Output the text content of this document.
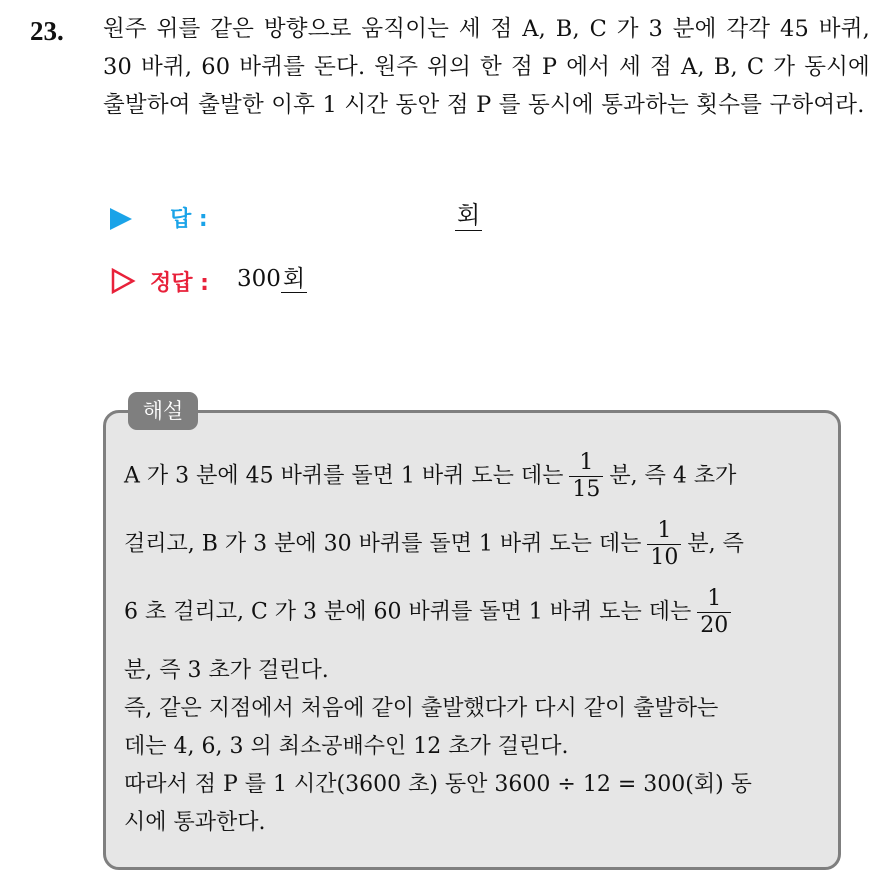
23. 원주 위를 같은 방향으로 움직이는 세 점 A, B, C 가 3 분에 각각 45 바퀴, 30 바퀴, 60 바퀴를 돈다. 원주 위의 한 점 P 에서 세 점 A, B, C 가 동시에 출발하여 출발한 이후 1 시간 동안 점 P 를 동시에 통과하는 횟수를 구하여라.
답 :	회
정답 : 300회
해설
A 가 3 분에 45 바퀴를 돌면 1 바퀴 도는 데는 $\frac{1}{15}$ 분, 즉 4 초가
걸리고, B 가 3 분에 30 바퀴를 돌면 1 바퀴 도는 데는 $\frac{1}{10}$ 분, 즉
6 초 걸리고, C 가 3 분에 60 바퀴를 돌면 1 바퀴 도는 데는 $\frac{1}{20}$
분, 즉 3 초가 걸린다.
즉, 같은 지점에서 처음에 같이 출발했다가 다시 같이 출발하는
데는 4, 6, 3 의 최소공배수인 12 초가 걸린다.
따라서 점 P 를 1 시간(3600 초) 동안 3600 ÷ 12 = 300(회) 동
시에 통과한다.
